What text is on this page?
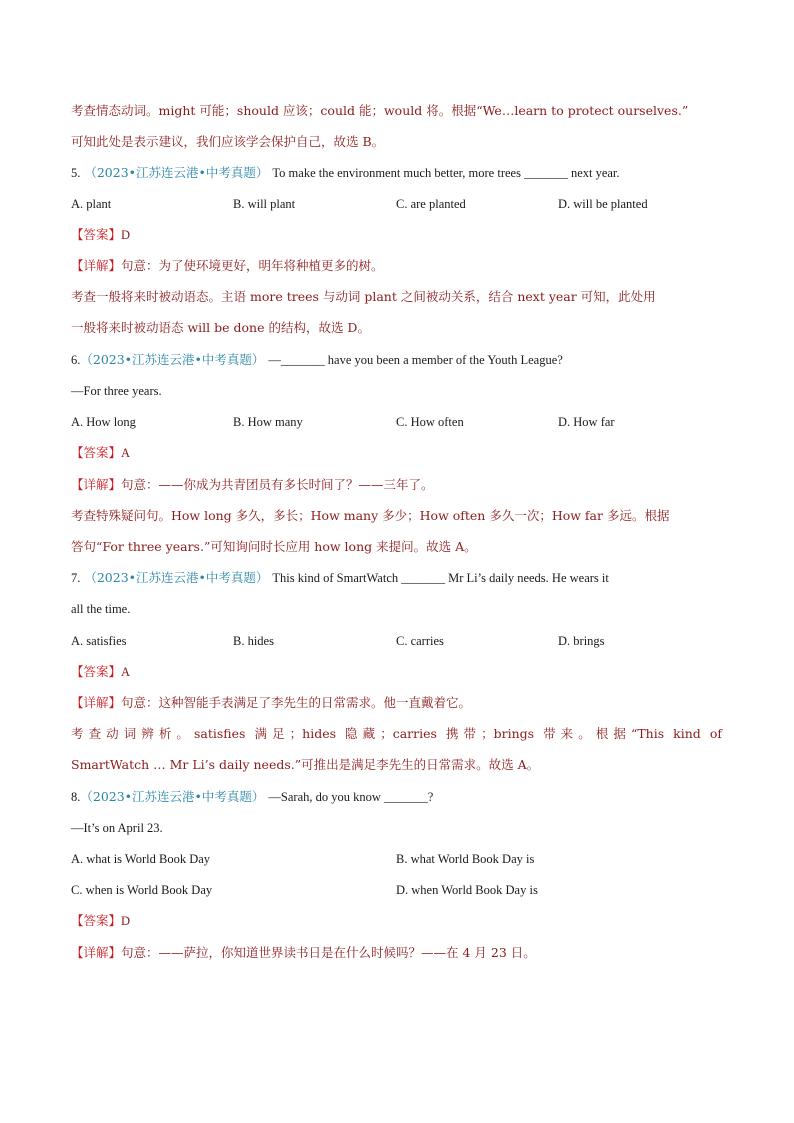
考查情态动词。might 可能；should 应该；could 能；would 将。根据“We…learn to protect ourselves.”
可知此处是表示建议，我们应该学会保护自己，故选 B。
5. （2023•江苏连云港•中考真题） To make the environment much better, more trees _______ next year.
A. plant	B. will plant	C. are planted	D. will be planted
【答案】D
【详解】句意：为了使环境更好，明年将种植更多的树。
考查一般将来时被动语态。主语 more trees 与动词 plant 之间被动关系，结合 next year 可知，此处用
一般将来时被动语态 will be done 的结构，故选 D。
6.（2023•江苏连云港•中考真题） —_______ have you been a member of the Youth League?
—For three years.
A. How long	B. How many	C. How often	D. How far
【答案】A
【详解】句意：——你成为共青团员有多长时间了？——三年了。
考查特殊疑问句。How long 多久，多长；How many 多少；How often 多久一次；How far 多远。根据
答句“For three years.”可知询问时长应用 how long 来提问。故选 A。
7. （2023•江苏连云港•中考真题） This kind of SmartWatch _______ Mr Li’s daily needs. He wears it
all the time.
A. satisfies	B. hides	C. carries	D. brings
【答案】A
【详解】句意：这种智能手表满足了李先生的日常需求。他一直戴着它。
考查动词辨析。satisfies 满足；hides 隐藏；carries 携带；brings 带来。根据“This kind of
SmartWatch … Mr Li’s daily needs.”可推出是满足李先生的日常需求。故选 A。
8.（2023•江苏连云港•中考真题） —Sarah, do you know _______?
—It’s on April 23.
A. what is World Book Day	B. what World Book Day is
C. when is World Book Day	D. when World Book Day is
【答案】D
【详解】句意：——萨拉，你知道世界读书日是在什么时候吗？——在 4 月 23 日。
